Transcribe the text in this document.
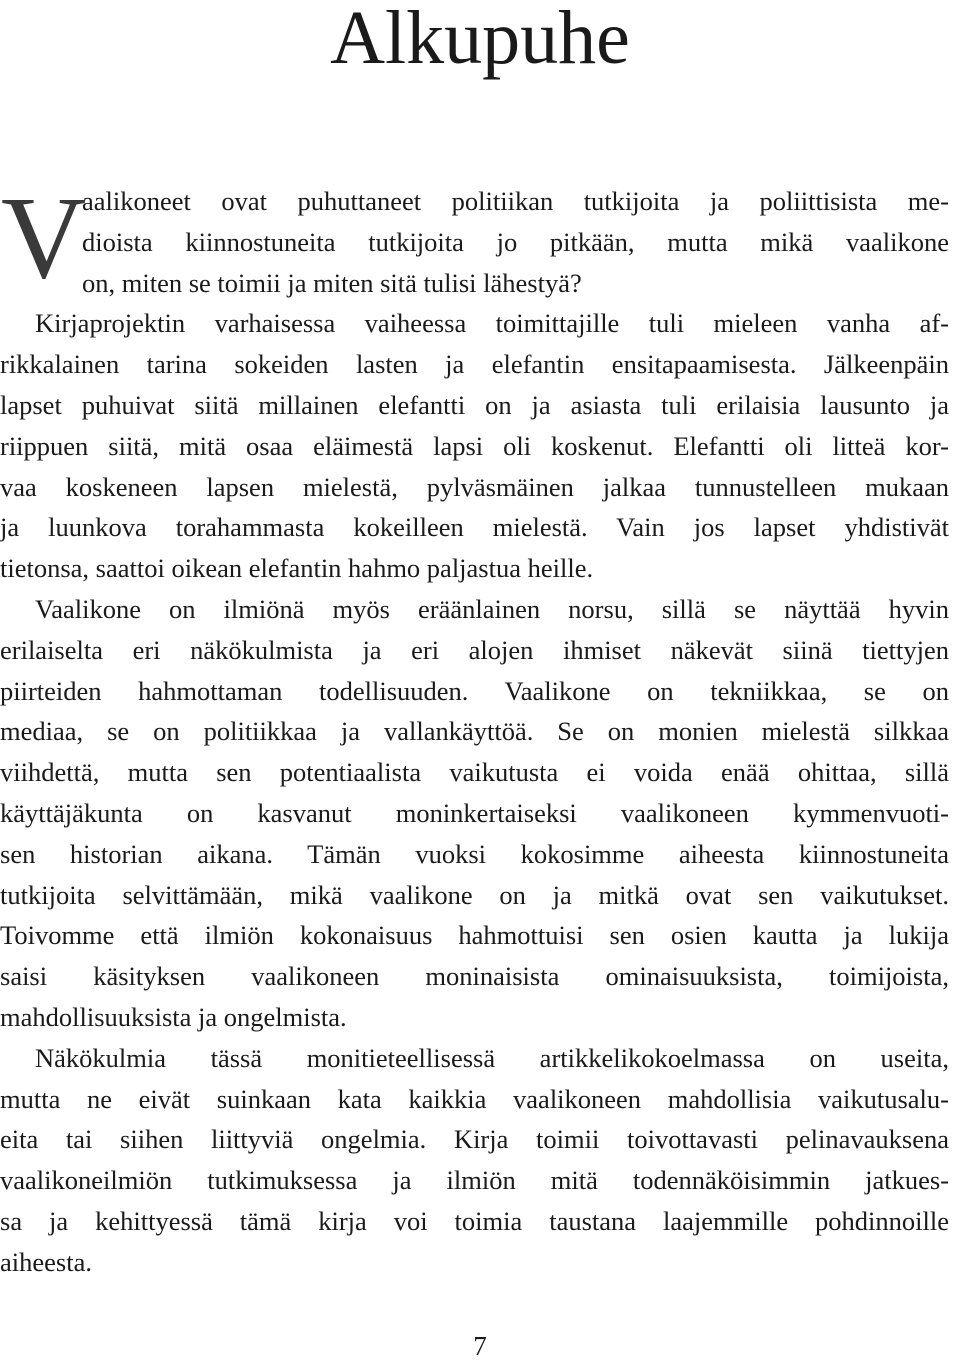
Alkupuhe
V
aalikoneet ovat puhuttaneet politiikan tutkijoita ja poliittisista me-
dioista kiinnostuneita tutkijoita jo pitkään, mutta mikä vaalikone
on, miten se toimii ja miten sitä tulisi lähestyä?
Kirjaprojektin varhaisessa vaiheessa toimittajille tuli mieleen vanha af-
rikkalainen tarina sokeiden lasten ja elefantin ensitapaamisesta. Jälkeenpäin
lapset puhuivat siitä millainen elefantti on ja asiasta tuli erilaisia lausunto ja
riippuen siitä, mitä osaa eläimestä lapsi oli koskenut. Elefantti oli litteä kor-
vaa koskeneen lapsen mielestä, pylväsmäinen jalkaa tunnustelleen mukaan
ja luunkova torahammasta kokeilleen mielestä. Vain jos lapset yhdistivät
tietonsa, saattoi oikean elefantin hahmo paljastua heille.
Vaalikone on ilmiönä myös eräänlainen norsu, sillä se näyttää hyvin
erilaiselta eri näkökulmista ja eri alojen ihmiset näkevät siinä tiettyjen
piirteiden hahmottaman todellisuuden. Vaalikone on tekniikkaa, se on
mediaa, se on politiikkaa ja vallankäyttöä. Se on monien mielestä silkkaa
viihdettä, mutta sen potentiaalista vaikutusta ei voida enää ohittaa, sillä
käyttäjäkunta on kasvanut moninkertaiseksi vaalikoneen kymmenvuoti-
sen historian aikana. Tämän vuoksi kokosimme aiheesta kiinnostuneita
tutkijoita selvittämään, mikä vaalikone on ja mitkä ovat sen vaikutukset.
Toivomme että ilmiön kokonaisuus hahmottuisi sen osien kautta ja lukija
saisi käsityksen vaalikoneen moninaisista ominaisuuksista, toimijoista,
mahdollisuuksista ja ongelmista.
Näkökulmia tässä monitieteellisessä artikkelikokoelmassa on useita,
mutta ne eivät suinkaan kata kaikkia vaalikoneen mahdollisia vaikutusalu-
eita tai siihen liittyviä ongelmia. Kirja toimii toivottavasti pelinavauksena
vaalikoneilmiön tutkimuksessa ja ilmiön mitä todennäköisimmin jatkues-
sa ja kehittyessä tämä kirja voi toimia taustana laajemmille pohdinnoille
aiheesta.
7
